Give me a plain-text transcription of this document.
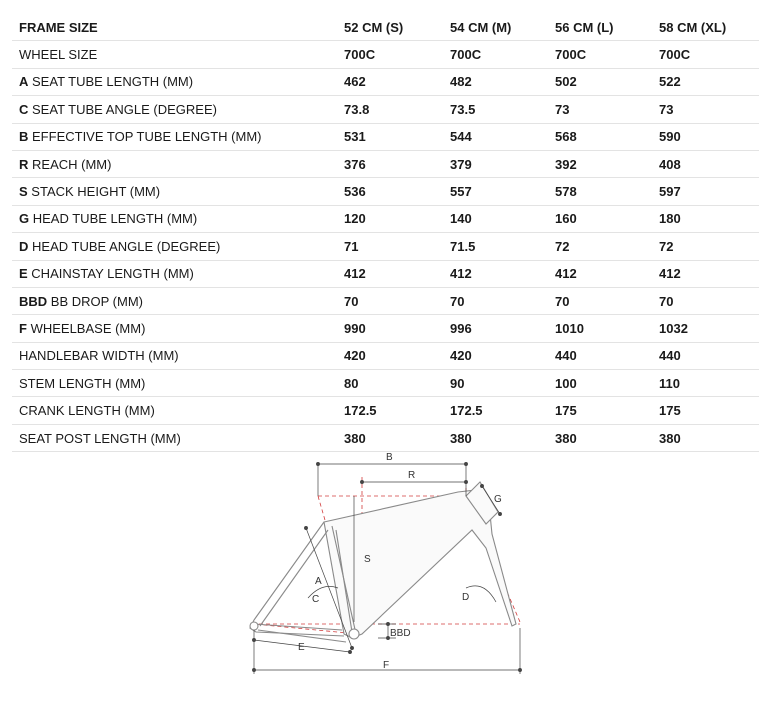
FRAME SIZE	52 CM (S)	54 CM (M)	56 CM (L)	58 CM (XL)
WHEEL SIZE	700C	700C	700C	700C
A SEAT TUBE LENGTH (MM)	462	482	502	522
C SEAT TUBE ANGLE (DEGREE)	73.8	73.5	73	73
B EFFECTIVE TOP TUBE LENGTH (MM)	531	544	568	590
R REACH (MM)	376	379	392	408
S STACK HEIGHT (MM)	536	557	578	597
G HEAD TUBE LENGTH (MM)	120	140	160	180
D HEAD TUBE ANGLE (DEGREE)	71	71.5	72	72
E CHAINSTAY LENGTH (MM)	412	412	412	412
BBD BB DROP (MM)	70	70	70	70
F WHEELBASE (MM)	990	996	1010	1032
HANDLEBAR WIDTH (MM)	420	420	440	440
STEM LENGTH (MM)	80	90	100	110
CRANK LENGTH (MM)	172.5	172.5	175	175
SEAT POST LENGTH (MM)	380	380	380	380
B
R
G
S
A
C	D
BBD
E
F
